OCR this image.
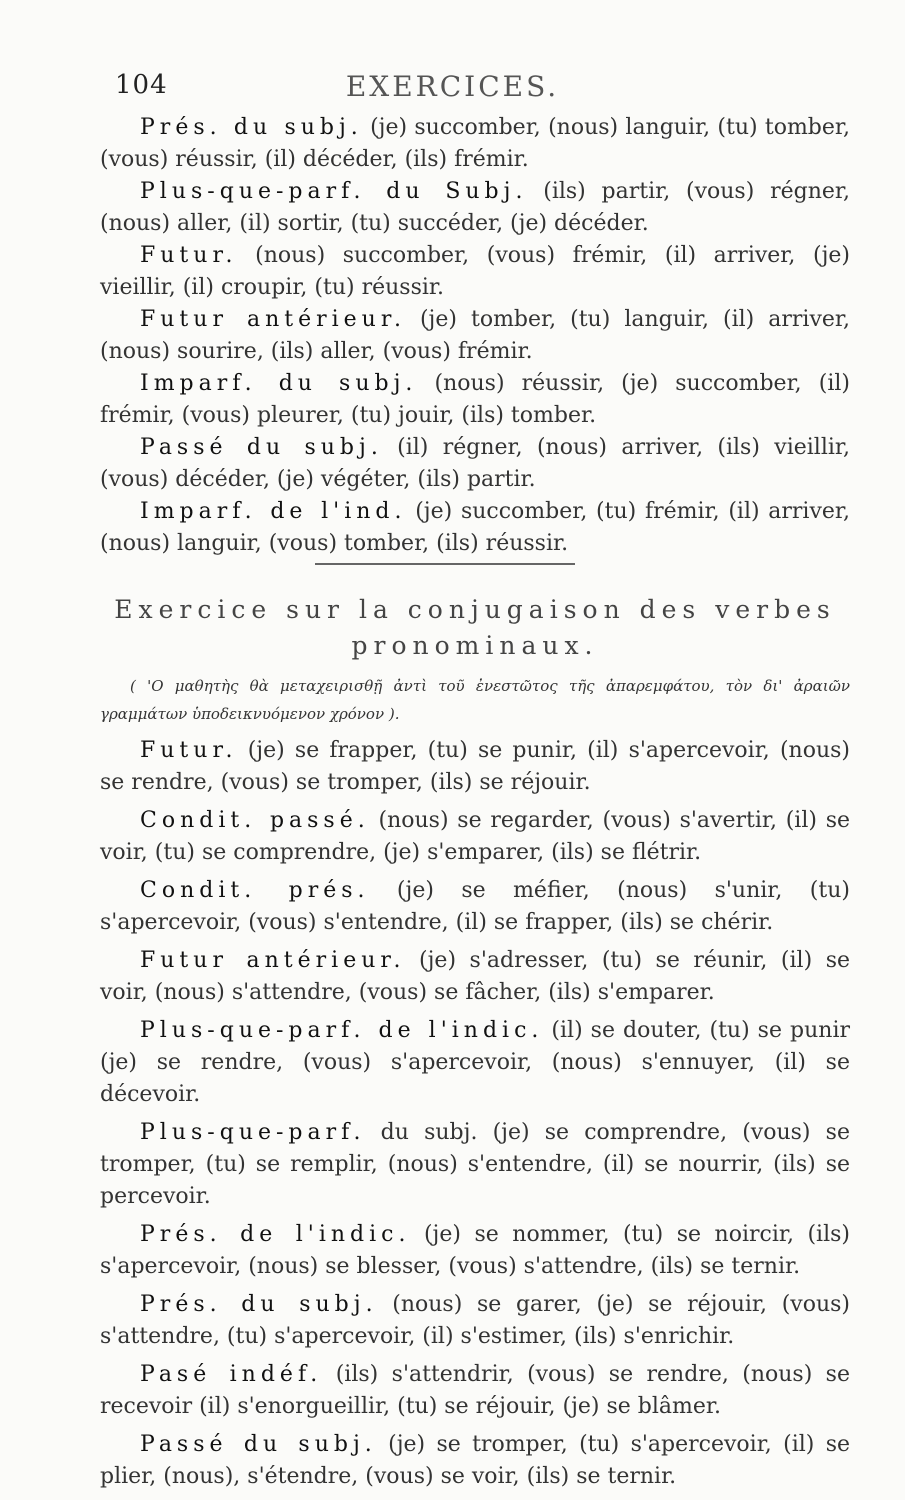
104	EXERCICES.

Prés. du subj. (je) succomber, (nous) languir, (tu) tomber, (vous) réussir, (il) décéder, (ils) frémir.

Plus-que-parf. du Subj. (ils) partir, (vous) régner, (nous) aller, (il) sortir, (tu) succéder, (je) décéder.

Futur. (nous) succomber, (vous) frémir, (il) arriver, (je) vieillir, (il) croupir, (tu) réussir.

Futur antérieur. (je) tomber, (tu) languir, (il) arriver, (nous) sourire, (ils) aller, (vous) frémir.

Imparf. du subj. (nous) réussir, (je) succomber, (il) frémir, (vous) pleurer, (tu) jouir, (ils) tomber.

Passé du subj. (il) régner, (nous) arriver, (ils) vieillir, (vous) décéder, (je) végéter, (ils) partir.

Imparf. de l'ind. (je) succomber, (tu) frémir, (il) arriver, (nous) languir, (vous) tomber, (ils) réussir.

Exercice sur la conjugaison des verbes
pronominaux.

( 'Ο μαθητὴς θὰ μεταχειρισθῇ ἀντὶ τοῦ ἐνεστῶτος τῆς ἀπαρεμφάτου, τὸν δι' ἀραιῶν γραμμάτων ὑποδεικνυόμενον χρόνον ).

Futur. (je) se frapper, (tu) se punir, (il) s'apercevoir, (nous) se rendre, (vous) se tromper, (ils) se réjouir.

Condit. passé. (nous) se regarder, (vous) s'avertir, (il) se voir, (tu) se comprendre, (je) s'emparer, (ils) se flétrir.

Condit. prés. (je) se méfier, (nous) s'unir, (tu) s'apercevoir, (vous) s'entendre, (il) se frapper, (ils) se chérir.

Futur antérieur. (je) s'adresser, (tu) se réunir, (il) se voir, (nous) s'attendre, (vous) se fâcher, (ils) s'emparer.

Plus-que-parf. de l'indic. (il) se douter, (tu) se punir (je) se rendre, (vous) s'apercevoir, (nous) s'ennuyer, (il) se décevoir.

Plus-que-parf. du subj. (je) se comprendre, (vous) se tromper, (tu) se remplir, (nous) s'entendre, (il) se nourrir, (ils) se percevoir.

Prés. de l'indic. (je) se nommer, (tu) se noircir, (ils) s'apercevoir, (nous) se blesser, (vous) s'attendre, (ils) se ternir.

Prés. du subj. (nous) se garer, (je) se réjouir, (vous) s'attendre, (tu) s'apercevoir, (il) s'estimer, (ils) s'enrichir.

Pasé indéf. (ils) s'attendrir, (vous) se rendre, (nous) se recevoir (il) s'enorgueillir, (tu) se réjouir, (je) se blâmer.

Passé du subj. (je) se tromper, (tu) s'apercevoir, (il) se plier, (nous), s'étendre, (vous) se voir, (ils) se ternir.
